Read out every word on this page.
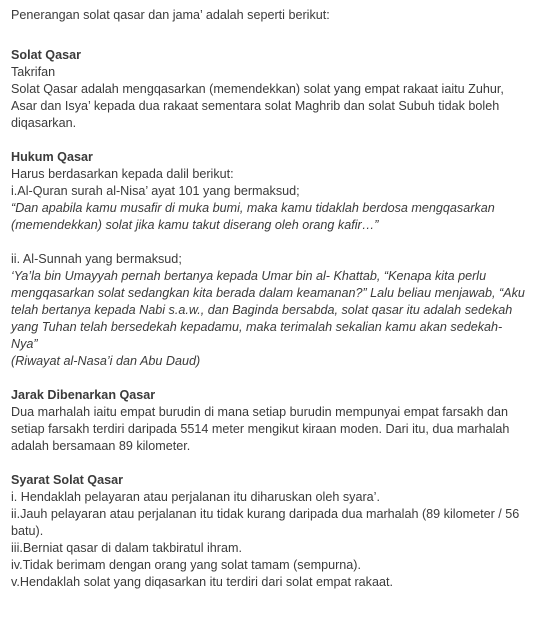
Penerangan solat qasar dan jama’ adalah seperti berikut:
Solat Qasar
Takrifan
Solat Qasar adalah mengqasarkan (memendekkan) solat yang empat rakaat iaitu Zuhur,
Asar dan Isya’ kepada dua rakaat sementara solat Maghrib dan solat Subuh tidak boleh
diqasarkan.
Hukum Qasar
Harus berdasarkan kepada dalil berikut:
i.Al-Quran surah al-Nisa’ ayat 101 yang bermaksud;
“Dan apabila kamu musafir di muka bumi, maka kamu tidaklah berdosa mengqasarkan
(memendekkan) solat jika kamu takut diserang oleh orang kafir…”
ii. Al-Sunnah yang bermaksud;
‘Ya’la bin Umayyah pernah bertanya kepada Umar bin al- Khattab, “Kenapa kita perlu
mengqasarkan solat sedangkan kita berada dalam keamanan?” Lalu beliau menjawab, “Aku
telah bertanya kepada Nabi s.a.w., dan Baginda bersabda, solat qasar itu adalah sedekah
yang Tuhan telah bersedekah kepadamu, maka terimalah sekalian kamu akan sedekah-
Nya”
(Riwayat al-Nasa’i dan Abu Daud)
Jarak Dibenarkan Qasar
Dua marhalah iaitu empat burudin di mana setiap burudin mempunyai empat farsakh dan
setiap farsakh terdiri daripada 5514 meter mengikut kiraan moden. Dari itu, dua marhalah
adalah bersamaan 89 kilometer.
Syarat Solat Qasar
i. Hendaklah pelayaran atau perjalanan itu diharuskan oleh syara’.
ii.Jauh pelayaran atau perjalanan itu tidak kurang daripada dua marhalah (89 kilometer / 56
batu).
iii.Berniat qasar di dalam takbiratul ihram.
iv.Tidak berimam dengan orang yang solat tamam (sempurna).
v.Hendaklah solat yang diqasarkan itu terdiri dari solat empat rakaat.
